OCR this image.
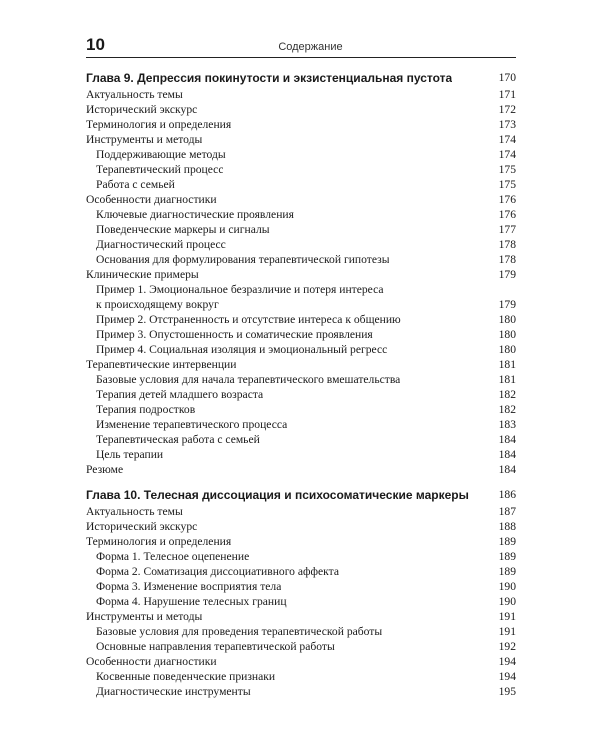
10	Содержание
Глава 9. Депрессия покинутости и экзистенциальная пустота	170
Актуальность темы	171
Исторический экскурс	172
Терминология и определения	173
Инструменты и методы	174
Поддерживающие методы	174
Терапевтический процесс	175
Работа с семьей	175
Особенности диагностики	176
Ключевые диагностические проявления	176
Поведенческие маркеры и сигналы	177
Диагностический процесс	178
Основания для формулирования терапевтической гипотезы	178
Клинические примеры	179
Пример 1. Эмоциональное безразличие и потеря интереса
к происходящему вокруг	179
Пример 2. Отстраненность и отсутствие интереса к общению	180
Пример 3. Опустошенность и соматические проявления	180
Пример 4. Социальная изоляция и эмоциональный регресс	180
Терапевтические интервенции	181
Базовые условия для начала терапевтического вмешательства	181
Терапия детей младшего возраста	182
Терапия подростков	182
Изменение терапевтического процесса	183
Терапевтическая работа с семьей	184
Цель терапии	184
Резюме	184
Глава 10. Телесная диссоциация и психосоматические маркеры	186
Актуальность темы	187
Исторический экскурс	188
Терминология и определения	189
Форма 1. Телесное оцепенение	189
Форма 2. Соматизация диссоциативного аффекта	189
Форма 3. Изменение восприятия тела	190
Форма 4. Нарушение телесных границ	190
Инструменты и методы	191
Базовые условия для проведения терапевтической работы	191
Основные направления терапевтической работы	192
Особенности диагностики	194
Косвенные поведенческие признаки	194
Диагностические инструменты	195
